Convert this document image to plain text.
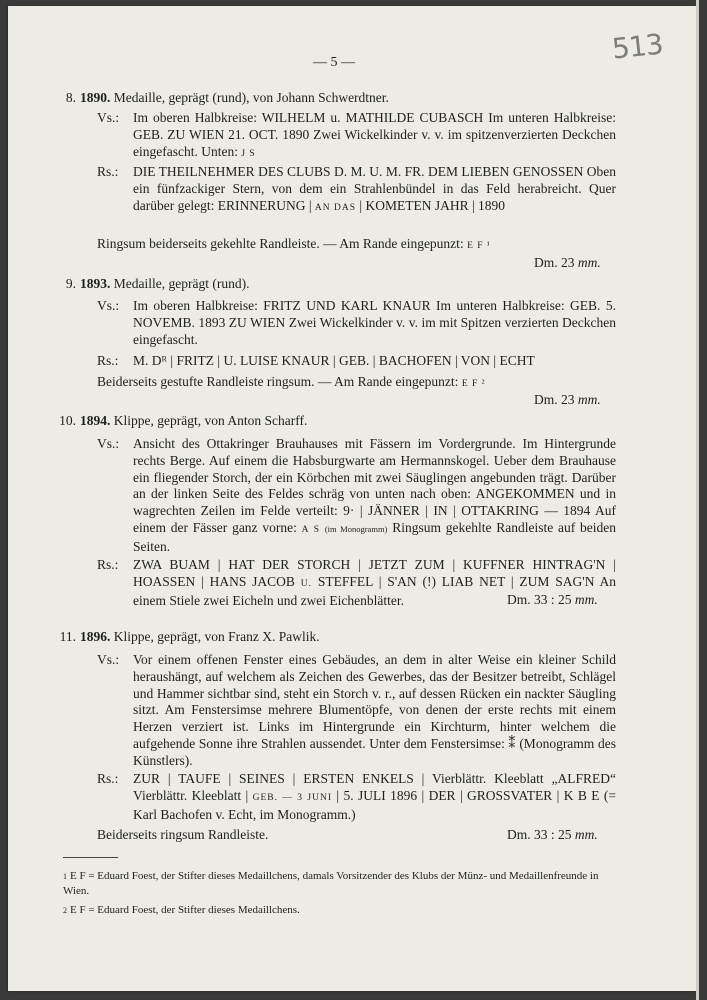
513
— 5 —
8. 1890. Medaille, geprägt (rund), von Johann Schwerdtner.
Vs.: Im oberen Halbkreise: WILHELM u. MATHILDE CUBASCH Im unteren Halbkreise: GEB. ZU WIEN 21. OCT. 1890 Zwei Wickelkinder v. v. im spitzenverzierten Deckchen eingefascht. Unten: J S
Rs.: DIE THEILNEHMER DES CLUBS D. M. U. M. FR. DEM LIEBEN GENOSSEN Oben ein fünfzackiger Stern, von dem ein Strahlenbündel in das Feld herabreicht. Quer darüber gelegt: ERINNERUNG | AN DAS | KOMETEN JAHR | 1890
Ringsum beiderseits gekehlte Randleiste. — Am Rande eingepunzt: E F ¹
Dm. 23 mm.
9. 1893. Medaille, geprägt (rund).
Vs.: Im oberen Halbkreise: FRITZ UND KARL KNAUR Im unteren Halbkreise: GEB. 5. NOVEMB. 1893 ZU WIEN Zwei Wickelkinder v. v. im mit Spitzen verzierten Deckchen eingefascht.
Rs.: M. Dᴿ | FRITZ | U. LUISE KNAUR | GEB. | BACHOFEN | VON | ECHT
Beiderseits gestufte Randleiste ringsum. — Am Rande eingepunzt: E F ²
Dm. 23 mm.
10. 1894. Klippe, geprägt, von Anton Scharff.
Vs.: Ansicht des Ottakringer Brauhauses mit Fässern im Vordergrunde. Im Hintergrunde rechts Berge. Auf einem die Habsburgwarte am Hermannskogel. Ueber dem Brauhause ein fliegender Storch, der ein Körbchen mit zwei Säuglingen angebunden trägt. Darüber an der linken Seite des Feldes schräg von unten nach oben: ANGEKOMMEN und in wagrechten Zeilen im Felde verteilt: 9· | JÄNNER | IN | OTTAKRING — 1894 Auf einem der Fässer ganz vorne: A S (im Monogramm) Ringsum gekehlte Randleiste auf beiden Seiten.
Rs.: ZWA BUAM | HAT DER STORCH | JETZT ZUM | KUFFNER HINTRAG'N | HOASSEN | HANS JACOB U. STEFFEL | S'AN (!) LIAB NET | ZUM SAG'N An einem Stiele zwei Eicheln und zwei Eichenblätter.	Dm. 33 : 25 mm.
11. 1896. Klippe, geprägt, von Franz X. Pawlik.
Vs.: Vor einem offenen Fenster eines Gebäudes, an dem in alter Weise ein kleiner Schild heraushängt, auf welchem als Zeichen des Gewerbes, das der Besitzer betreibt, Schlägel und Hammer sichtbar sind, steht ein Storch v. r., auf dessen Rücken ein nackter Säugling sitzt. Am Fenstersimse mehrere Blumentöpfe, von denen der erste rechts mit einem Herzen verziert ist. Links im Hintergrunde ein Kirchturm, hinter welchem die aufgehende Sonne ihre Strahlen aussendet. Unter dem Fenstersimse: ⁑ (Monogramm des Künstlers).
Rs.: ZUR | TAUFE | SEINES | ERSTEN ENKELS | Vierblättr. Kleeblatt „ALFRED“ Vierblättr. Kleeblatt | GEB. — 3 JUNI | 5. JULI 1896 | DER | GROSSVATER | K B E (= Karl Bachofen v. Echt, im Monogramm.)
Beiderseits ringsum Randleiste.	Dm. 33 : 25 mm.
$^1$ E F = Eduard Foest, der Stifter dieses Medaillchens, damals Vorsitzender des Klubs der Münz- und Medaillenfreunde in Wien.
$^2$ E F = Eduard Foest, der Stifter dieses Medaillchens.
